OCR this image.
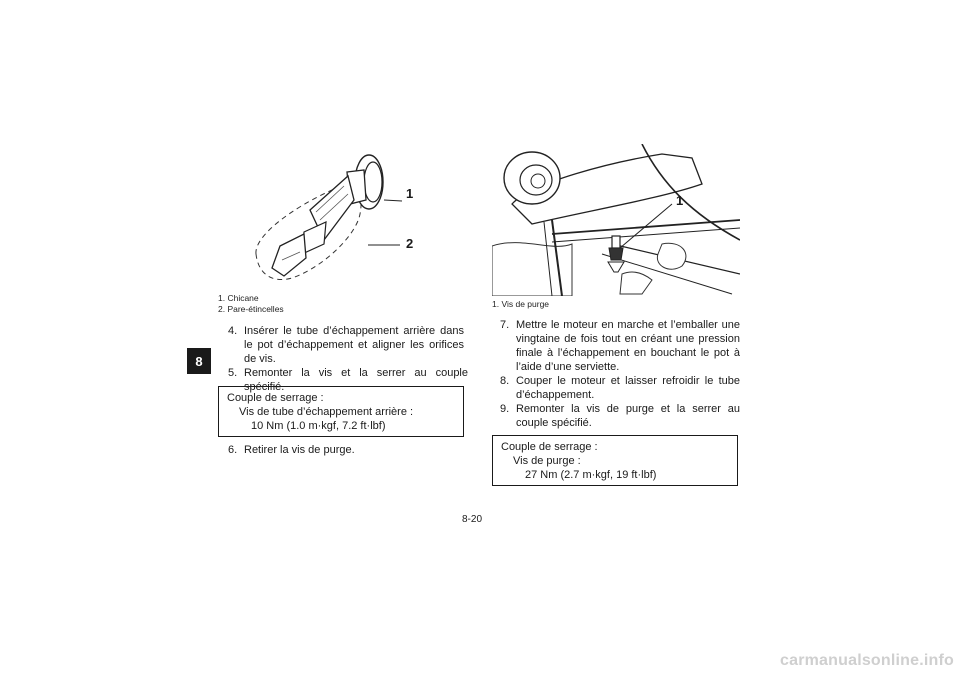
8
1
2
1. Chicane
2. Pare-étincelles
4. Insérer le tube d’échappement arrière dans le pot d’échappement et aligner les orifices de vis.
5. Remonter la vis et la serrer au couple spécifié.
Couple de serrage :
Vis de tube d’échappement arrière :
10 Nm (1.0 m·kgf, 7.2 ft·lbf)
6. Retirer la vis de purge.
1
1. Vis de purge
7. Mettre le moteur en marche et l’emballer une vingtaine de fois tout en créant une pression finale à l’échappement en bouchant le pot à l’aide d’une serviette.
8. Couper le moteur et laisser refroidir le tube d’échappement.
9. Remonter la vis de purge et la serrer au couple spécifié.
Couple de serrage :
Vis de purge :
27 Nm (2.7 m·kgf, 19 ft·lbf)
8-20
carmanualsonline.info
